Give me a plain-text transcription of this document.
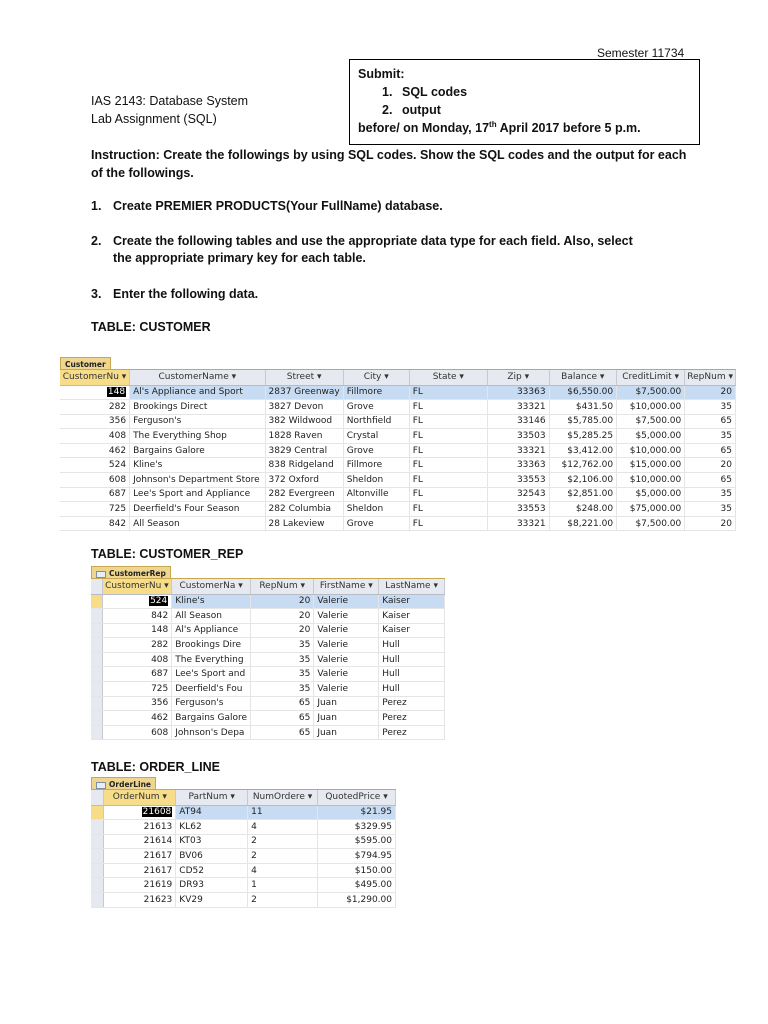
Semester 11734
Submit:
1. SQL codes
2. output
before/ on Monday, 17th April 2017 before 5 p.m.
IAS 2143: Database System
Lab Assignment (SQL)
Instruction: Create the followings by using SQL codes. Show the SQL codes and the output for each of the followings.
1. Create PREMIER PRODUCTS(Your FullName) database.
2. Create the following tables and use the appropriate data type for each field. Also, select the appropriate primary key for each table.
3. Enter the following data.
TABLE: CUSTOMER
Customer
CustomerNu ▾	CustomerName ▾	Street ▾	City ▾	State ▾	Zip ▾	Balance ▾	CreditLimit ▾	RepNum ▾
148	Al's Appliance and Sport	2837 Greenway	Fillmore	FL	33363	$6,550.00	$7,500.00	20
282	Brookings Direct	3827 Devon	Grove	FL	33321	$431.50	$10,000.00	35
356	Ferguson's	382 Wildwood	Northfield	FL	33146	$5,785.00	$7,500.00	65
408	The Everything Shop	1828 Raven	Crystal	FL	33503	$5,285.25	$5,000.00	35
462	Bargains Galore	3829 Central	Grove	FL	33321	$3,412.00	$10,000.00	65
524	Kline's	838 Ridgeland	Fillmore	FL	33363	$12,762.00	$15,000.00	20
608	Johnson's Department Store	372 Oxford	Sheldon	FL	33553	$2,106.00	$10,000.00	65
687	Lee's Sport and Appliance	282 Evergreen	Altonville	FL	32543	$2,851.00	$5,000.00	35
725	Deerfield's Four Season	282 Columbia	Sheldon	FL	33553	$248.00	$75,000.00	35
842	All Season	28 Lakeview	Grove	FL	33321	$8,221.00	$7,500.00	20
TABLE: CUSTOMER_REP
CustomerRep
	CustomerNu ▾	CustomerNa ▾	RepNum ▾	FirstName ▾	LastName ▾
	524	Kline's	20	Valerie	Kaiser
	842	All Season	20	Valerie	Kaiser
	148	Al's Appliance	20	Valerie	Kaiser
	282	Brookings Dire	35	Valerie	Hull
	408	The Everything	35	Valerie	Hull
	687	Lee's Sport and	35	Valerie	Hull
	725	Deerfield's Fou	35	Valerie	Hull
	356	Ferguson's	65	Juan	Perez
	462	Bargains Galore	65	Juan	Perez
	608	Johnson's Depa	65	Juan	Perez
TABLE: ORDER_LINE
OrderLine
	OrderNum ▾	PartNum ▾	NumOrdere ▾	QuotedPrice ▾
	21608	AT94	11	$21.95
	21613	KL62	4	$329.95
	21614	KT03	2	$595.00
	21617	BV06	2	$794.95
	21617	CD52	4	$150.00
	21619	DR93	1	$495.00
	21623	KV29	2	$1,290.00
